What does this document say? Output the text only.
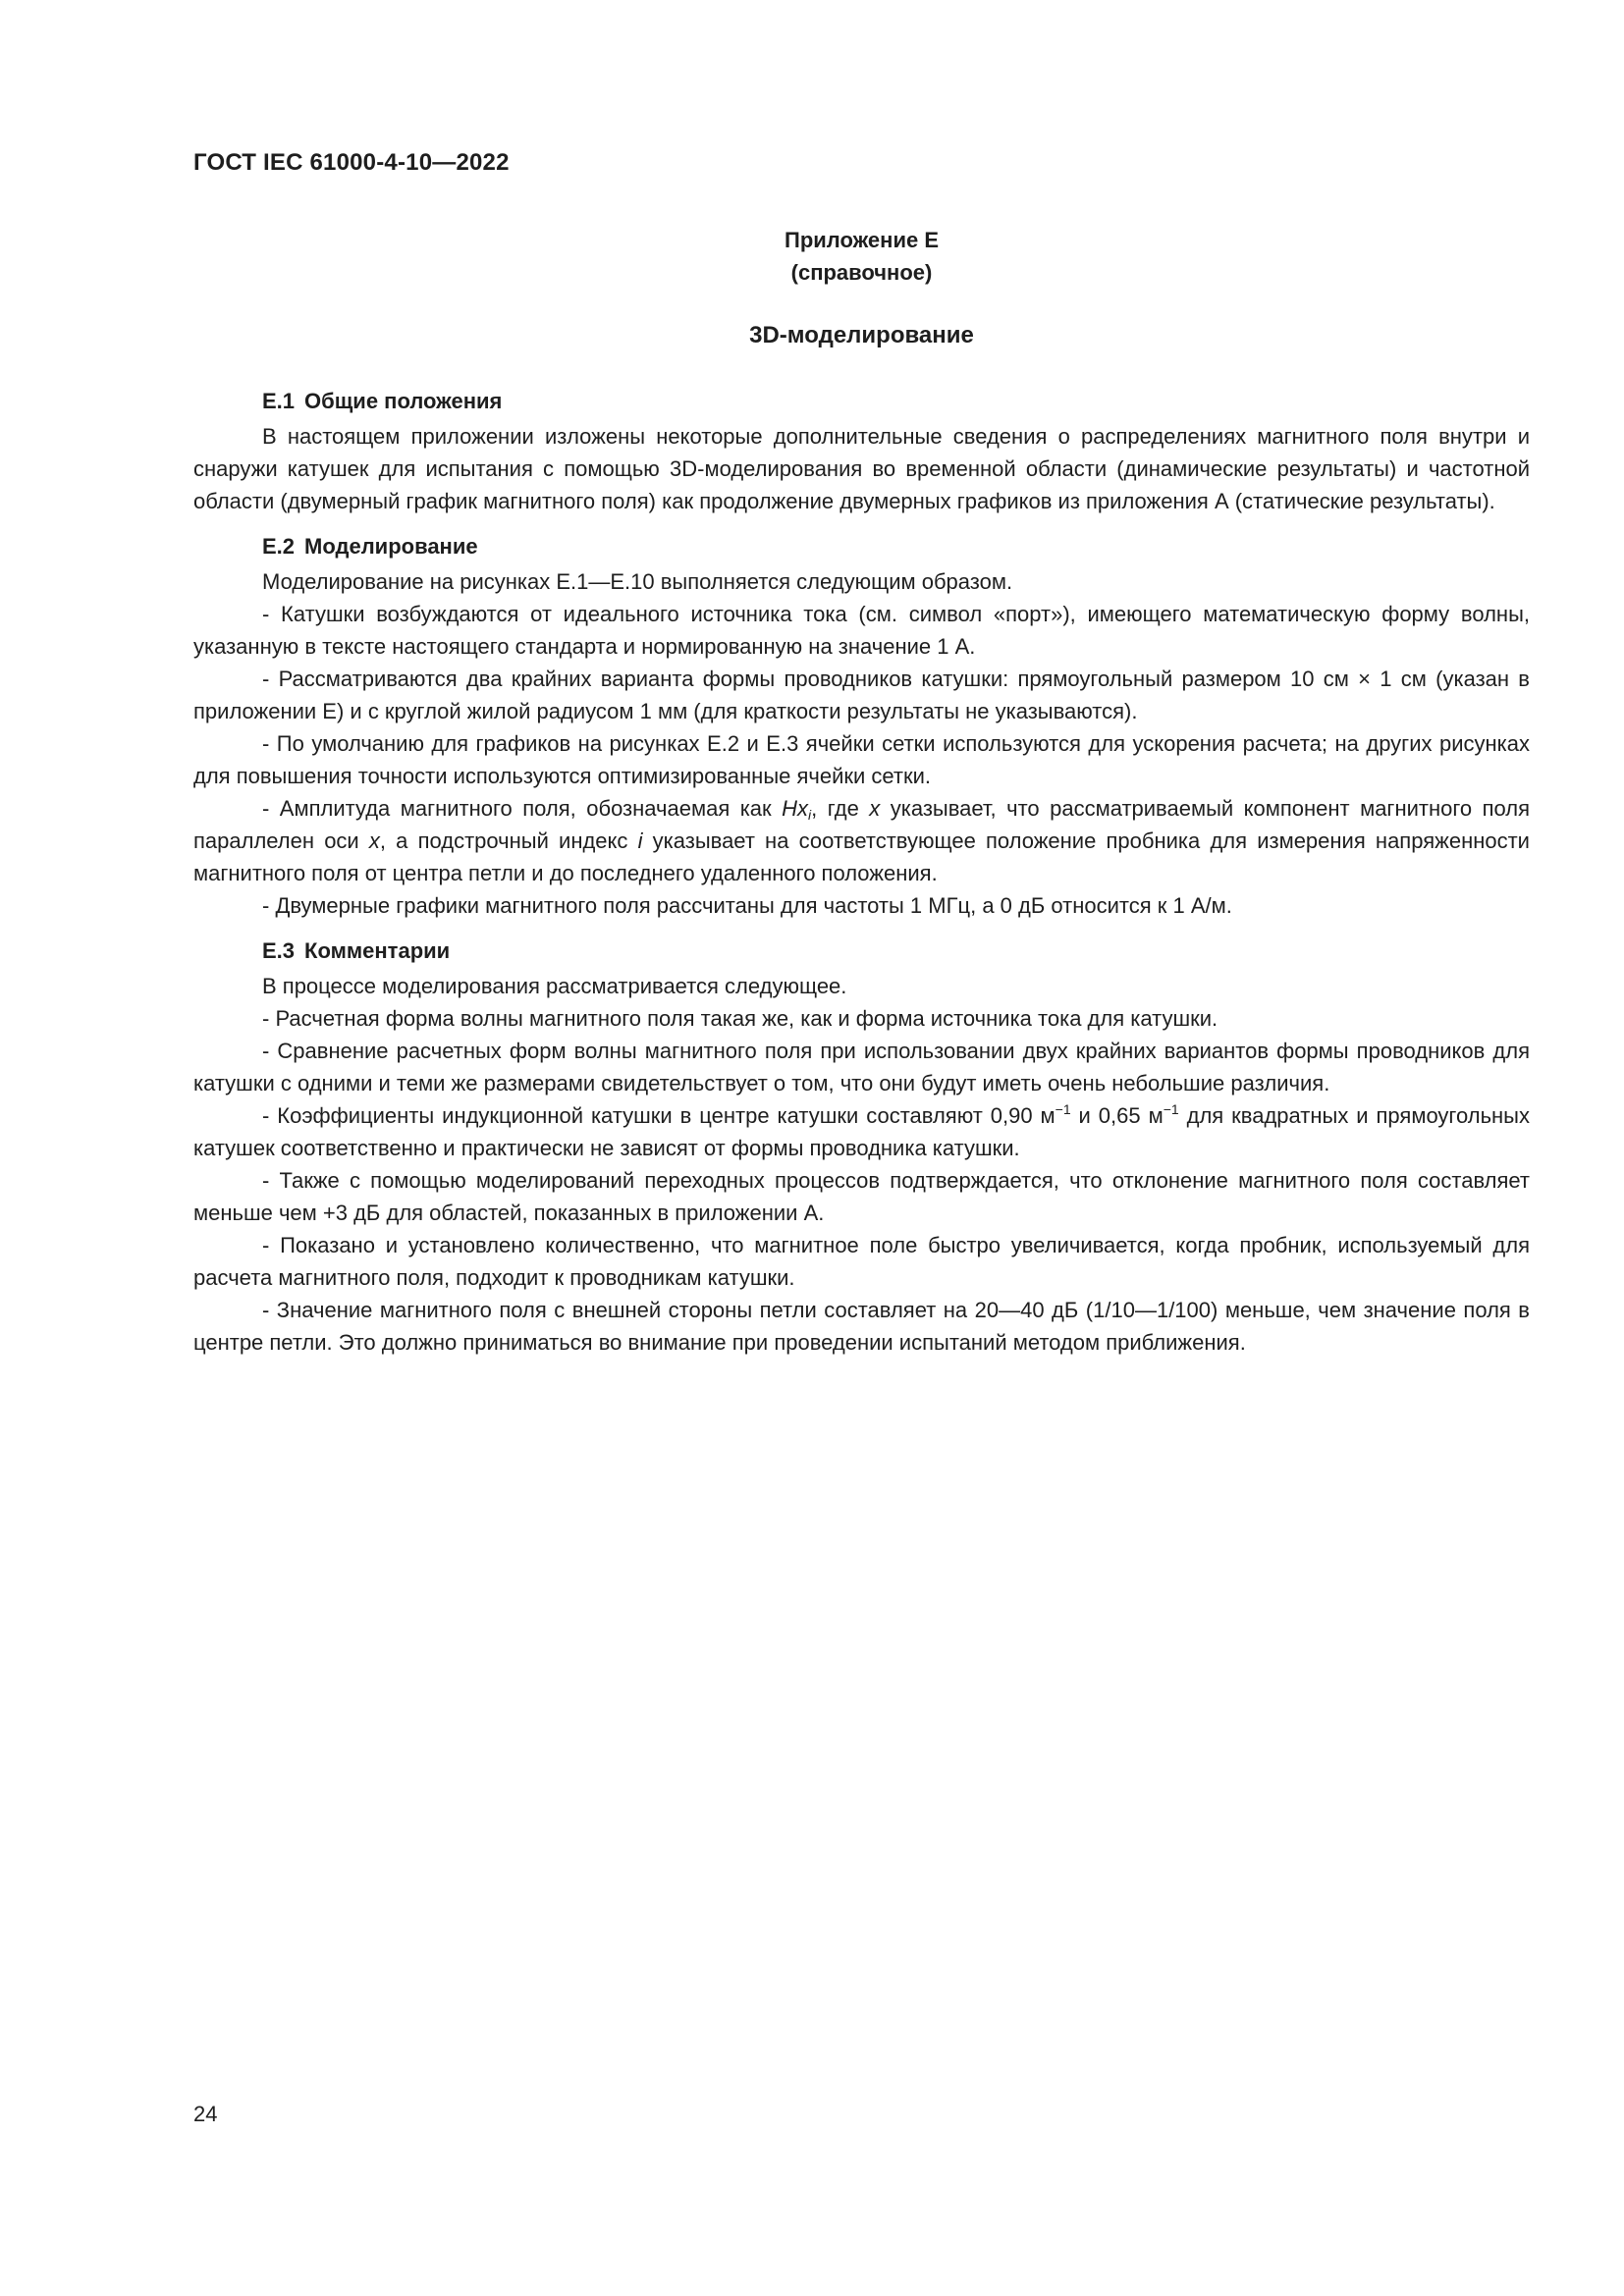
ГОСТ IEC 61000-4-10—2022
Приложение Е
(справочное)
3D-моделирование

Е.1 Общие положения

В настоящем приложении изложены некоторые дополнительные сведения о распределениях магнитного поля внутри и снаружи катушек для испытания с помощью 3D-моделирования во временной области (динамические результаты) и частотной области (двумерный график магнитного поля) как продолжение двумерных графиков из приложения А (статические результаты).

Е.2 Моделирование

Моделирование на рисунках Е.1—Е.10 выполняется следующим образом.

- Катушки возбуждаются от идеального источника тока (см. символ «порт»), имеющего математическую форму волны, указанную в тексте настоящего стандарта и нормированную на значение 1 А.

- Рассматриваются два крайних варианта формы проводников катушки: прямоугольный размером 10 см × 1 см (указан в приложении Е) и с круглой жилой радиусом 1 мм (для краткости результаты не указываются).

- По умолчанию для графиков на рисунках Е.2 и Е.3 ячейки сетки используются для ускорения расчета; на других рисунках для повышения точности используются оптимизированные ячейки сетки.

- Амплитуда магнитного поля, обозначаемая как $Hx_i$, где x указывает, что рассматриваемый компонент магнитного поля параллелен оси x, а подстрочный индекс i указывает на соответствующее положение пробника для измерения напряженности магнитного поля от центра петли и до последнего удаленного положения.

- Двумерные графики магнитного поля рассчитаны для частоты 1 МГц, а 0 дБ относится к 1 А/м.

Е.3 Комментарии

В процессе моделирования рассматривается следующее.

- Расчетная форма волны магнитного поля такая же, как и форма источника тока для катушки.

- Сравнение расчетных форм волны магнитного поля при использовании двух крайних вариантов формы проводников для катушки с одними и теми же размерами свидетельствует о том, что они будут иметь очень небольшие различия.

- Коэффициенты индукционной катушки в центре катушки составляют 0,90 $м^{-1}$ и 0,65 $м^{-1}$ для квадратных и прямоугольных катушек соответственно и практически не зависят от формы проводника катушки.

- Также с помощью моделирований переходных процессов подтверждается, что отклонение магнитного поля составляет меньше чем +3 дБ для областей, показанных в приложении А.

- Показано и установлено количественно, что магнитное поле быстро увеличивается, когда пробник, используемый для расчета магнитного поля, подходит к проводникам катушки.

- Значение магнитного поля с внешней стороны петли составляет на 20—40 дБ (1/10—1/100) меньше, чем значение поля в центре петли. Это должно приниматься во внимание при проведении испытаний методом приближения.

24
